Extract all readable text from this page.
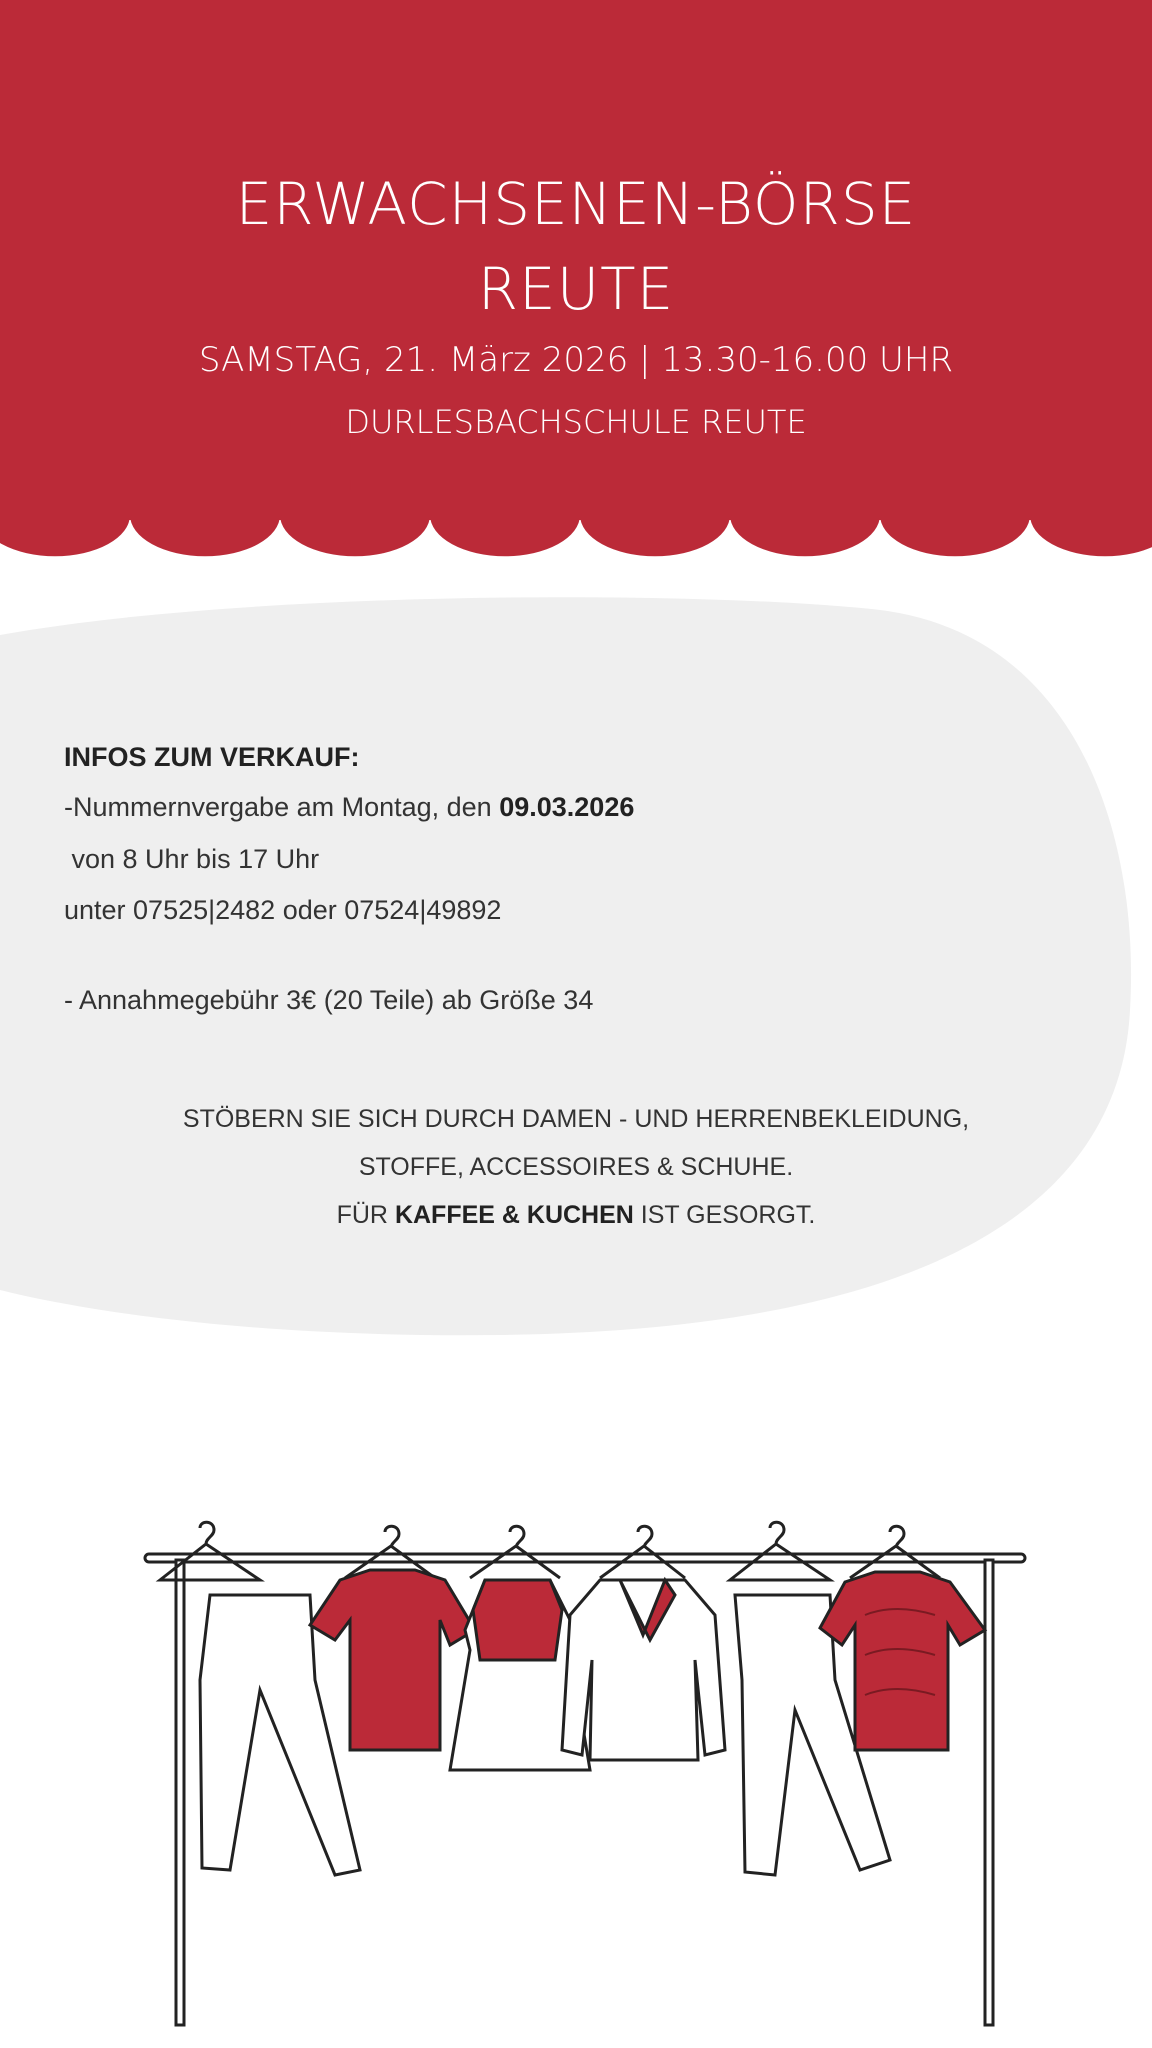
ERWACHSENEN-BÖRSE
REUTE
SAMSTAG, 21. März 2026 | 13.30-16.00 UHR
DURLESBACHSCHULE REUTE
INFOS ZUM VERKAUF:
-Nummernvergabe am Montag, den 09.03.2026
von 8 Uhr bis 17 Uhr
unter 07525|2482 oder 07524|49892
- Annahmegebühr 3€ (20 Teile) ab Größe 34
STÖBERN SIE SICH DURCH DAMEN - UND HERRENBEKLEIDUNG,
STOFFE, ACCESSOIRES & SCHUHE.
FÜR KAFFEE & KUCHEN IST GESORGT.
